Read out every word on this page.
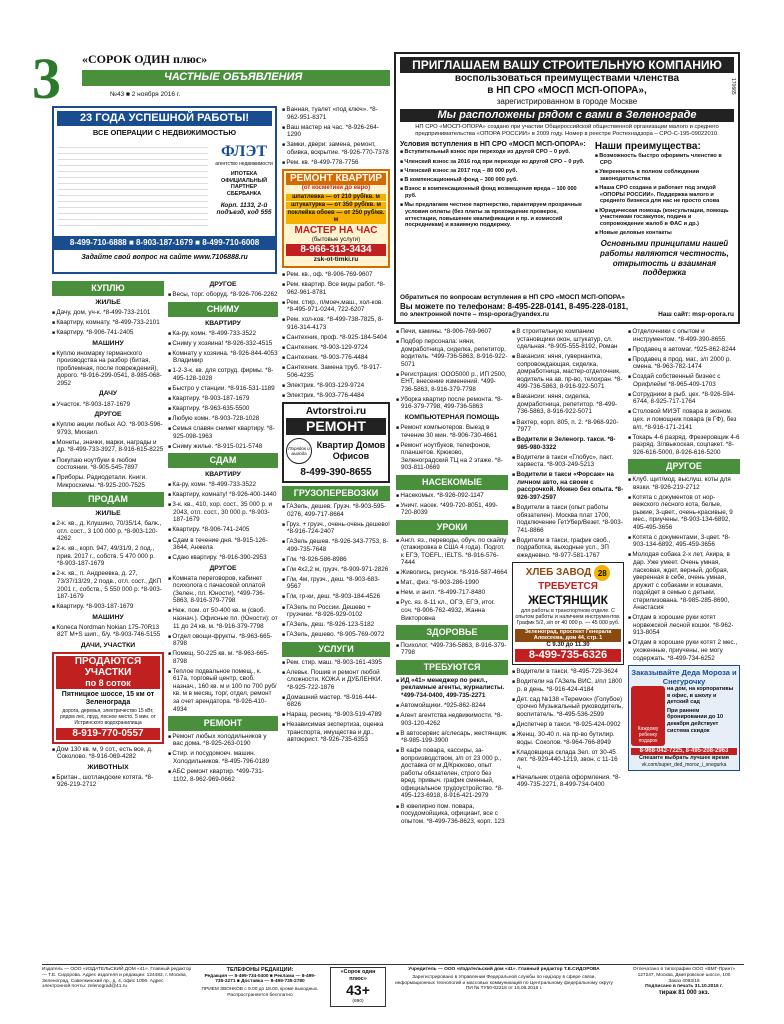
3 «СОРОК ОДИН плюс»
ЧАСТНЫЕ ОБЪЯВЛЕНИЯ
№43 ■ 2 ноября 2016 г.
23 ГОДА УСПЕШНОЙ РАБОТЫ!
ВСЕ ОПЕРАЦИИ С НЕДВИЖИМОСТЬЮ
ФЛЭТ
агентство недвижимости
ИПОТЕКА ОФИЦИАЛЬНЫЙ ПАРТНЕР СБЕРБАНКА
Корп. 1133, 2-й подъезд, код 555
8-499-710-6888 ■ 8-903-187-1679 ■ 8-499-710-6008
Задайте свой вопрос на сайте www.7106888.ru
КУПЛЮ
ЖИЛЬЕ
■ Дачу, дом, уч-к. *8-499-733-2101
■ Квартиру, комнату. *8-499-733-2101
■ Квартиру. *8-906-741-2405
МАШИНУ
■ Куплю иномарку германского производства на разбор (битая, проблемная, после повреждений), дорого. *8-916-299-0541, 8-985-068-2952
ДАЧУ
■ Участок. *8-903-187-1679
ДРУГОЕ
■ Куплю акции любых АО. *8-903-596-9793, Михаил.
■ Монеты, значки, марки, награды и др. *8-499-733-3927, 8-916-615-8225
■ Покупаю ноутбуки в любом состоянии. *8-905-545-7897
■ Приборы. Радиодетали. Книги. Микросхемы. *8-925-200-7525
ПРОДАМ
ЖИЛЬЕ
■ 2-к. кв., д. Клушино, 70/35/14, балк., отл. сост., 3 100 000 р. *8-903-120-4262
■ 2-к. кв., корп. 947, 49/31/9, 2 под., прив. 2017 г., собств. 5 470 000 р. *8-903-187-1679
■ 2-к. кв., п. Андреевка, д. 27, 73/37/13/29, 2 подв., отл. сост., ДКП 2001 г., собств., 5 550 000 р. *8-903-187-1679
■ Квартиру. *8-903-187-1679
МАШИНУ
■ Колеса Nordman Nokian 175-70R13 82T M+S шип., б/у. *8-903-746-5155
ДАЧИ, УЧАСТКИ
ПРОДАЮТСЯ УЧАСТКИ
по 8 соток
Пятницкое шоссе, 15 км от Зеленограда
дорога, деревья, электричество 15 кВт, рядом лес, пруд, лесное место. 5 мин. от Истринского водохранилища
8-919-770-0557
■ Дом 130 кв. м, 9 сот., есть все, д. Соколово. *8-916-069-4282
ЖИВОТНЫХ
■ Британ., шотландские котята. *8-926-219-2712
ДРУГОЕ
■ Весы, торг. оборуд. *8-926-706-2262
СНИМУ
КВАРТИРУ
■ Ка-ру, комн. *8-499-733-3522
■ Сниму у хозяина! *8-926-332-4515
■ Комнату у хозяина. *8-926-844-4053 Владимир
■ 1-2-3-к. кв. для сотруд. фирмы. *8-495-128-1028
■ Быстро у станции. *8-916-531-1189
■ Квартиру. *8-903-187-1679
■ Квартиру. *8-963-635-5500
■ Любую комн. *8-903-728-1028
■ Семья славян снимет квартиру. *8-925-098-1963
■ Сниму жилье. *8-915-021-5748
СДАМ
КВАРТИРУ
■ Ка-ру, комн. *8-499-733-3522
■ Квартиру, комнату! *8-926-400-1440
■ 3-к. кв., 410, хор. сост., 35 000 р. и 2043, отл. сост., 30 000 р. *8-903-187-1679
■ Квартиру. *8-906-741-2405
■ Сдам в течение дня. *8-915-126-3644, Анжела
■ Сдаю квартиру. *8-916-390-2953
ДРУГОЕ
■ Комната переговоров, кабинет психолога с пачасовой оплатой (Зелен., пл. Юности). *499-736-5863, 8-916-379-7798
■ Неж. пом. от 50-400 кв. м (своб. назнач.). Офисные пл. (Юности): от 11 до 24 кв. м. *8-916-379-7798
■ Отдел овощи-фрукты. *8-963-665-8798
■ Помещ. 50-225 кв. м. *8-963-665-8798
■ Теплое подвальное помещ., к. 617а, торговый центр, своб. назнач., 160 кв. м и 100 по 700 руб/кв. м в месяц, торг, отдел, ремонт за счет арендатора. *8-926-410-4934
РЕМОНТ
■ Ремонт любых холодильников у вас дома. *8-925-263-0190
■ Стир. и посудомоеч. машин. Холодильников. *8-495-796-0189
■ АБС ремонт квартир. *499-731-1102, 8-962-969-0662
■ Ванная, туалет «под ключ». *8-962-951-8371
■ Ваш мастер на час. *8-926-264-1290
■ Замки, двери: замена, ремонт, обивка, вскрытие. *8-926-770-7378
■ Рем. кв. *8-499-778-7756
РЕМОНТ КВАРТИР
(от косметики до евро)
шпатлевка — от 210 руб/кв. м
штукатурка — от 350 руб/кв. м
поклейка обоев — от 250 руб/кв. м
МАСТЕР НА ЧАС
(бытовые услуги)
8-966-313-3434
zsk-ot-timki.ru
■ Рем. кв., оф. *8-906-769-9607
■ Рем. квартир. Все виды работ. *8-962-961-8781
■ Рем. стир., п/моеч.маш., хол-ков. *8-495-971-0244, 722-6207
■ Рем. хол-ков. *8-499-738-7825, 8-916-314-4173
■ Сантехник, проф. *8-925-184-5404
■ Сантехник. *8-903-129-9724
■ Сантехник. *8-903-776-4484
■ Сантехник. Замена труб. *8-917-506-4235
■ Электрик. *8-903-129-9724
■ Электрик. *8-903-776-4484
Avtorstroi.ru
РЕМОНТ
Порядок и выгода
Квартир Домов Офисов
8-499-390-8655
ГРУЗОПЕРЕВОЗКИ
■ ГАЗель, дешев. Грузч. *8-903-595-0276, 499-717-8664
■ Груз. + грузч., очень-очень дешево! *8-916-724-2407
■ ГАЗель дешев. *8-926-343-7753, 8-499-735-7648
■ Г/м. *8-926-586-8986
■ Г/м 4х2,2 м, грузч. *8-909-971-2826
■ Г/м, 4м, грузч., деш. *8-903-683-9567
■ Г/м, гр-ки, деш. *8-903-184-4526
■ ГАЗель по России. Дешево + грузчики. *8-926-929-0102
■ ГАЗель, деш. *8-926-123-5182
■ ГАЗель, дешево. *8-905-769-0972
УСЛУГИ
■ Рем. стир. маш. *8-903-161-4395
■ Алевьк. Пошив и ремонт любой сложности. КОЖА и ДУБЛЕНКИ. *8-925-722-1876
■ Домашний мастер. *8-916-444-6826
■ Наращ. ресниц. *8-903-519-4789
■ Независимая экспертиза, оценка транспорта, имущества и др., автоюрист. *8-926-735-6353
ПРИГЛАШАЕМ ВАШУ СТРОИТЕЛЬНУЮ КОМПАНИЮ
воспользоваться преимуществами членства
в НП СРО «МОСП МСП-ОПОРА»,
зарегистрированном в городе Москве
Мы расположены рядом с вами в Зеленограде
НП СРО «МОСП-ОПОРА» создано при участии Общероссийской общественной организации малого и среднего предпринимательства «ОПОРА РОССИИ» в 2009 году. Номер в реестре Ростехнадзора – СРО-С-195-09022010.
Условия вступления в НП СРО «МОСП МСП-ОПОРА»:
■ Вступительный взнос при переходе из другой СРО – 0 руб.
■ Членский взнос за 2016 год при переходе из другой СРО – 0 руб.
■ Членский взнос за 2017 год – 80 000 руб.
■ В компенсационный фонд – 300 000 руб.
■ Взнос в компенсационный фонд возмещения вреда – 100 000 руб.
■ Мы предлагаем честное партнерство, гарантируем прозрачные условия оплаты (без платы за прохождение проверок, аттестации, повышение квалификации и пр. и комиссий посредникам) и взаимную поддержку.
Наши преимущества:
■ Возможность быстро оформить членство в СРО
■ Уверенность в полном соблюдении законодательства
■ Наша СРО создана и работает под эгидой «ОПОРЫ РОССИИ». Поддержка малого и среднего бизнеса для нас не просто слова
■ Юридическая помощь (консультации, помощь участникам госзакупок, подача и сопровождение жалоб в ФАС и др.)
■ Новые деловые контакты
Основными принципами нашей работы являются честность, открытость и взаимная поддержка
Обратиться по вопросам вступления в НП СРО «МОСП МСП-ОПОРА»
Вы можете по телефонам: 8-495-228-0141, 8-495-228-0181,
по электронной почте – msp-opora@yandex.ru	Наш сайт: msp-opora.ru
170665
■ Печи, камины. *8-906-769-9607
■ Подбор персонала: няни, домработница, сиделка, репетитор, водитель. *499-736-5863, 8-916-922-5071
■ Регистрация: ООО5000 р., ИП 2500, ЕНТ, внесение изменений. *499-736-5863, 8-916-379-7798
■ Уборка квартир после ремонта. *8-916-379-7798, 499-736-5863
КОМПЬЮТЕРНАЯ ПОМОЩЬ
■ Ремонт компьютеров. Выезд в течение 30 мин. *8-906-730-4661
■ Ремонт ноутбуков, телефонов, планшетов. Крюково, Зеленоградский ТЦ на 2 этаже. *8-903-811-0669
НАСЕКОМЫЕ
■ Насекомых. *8-926-092-1147
■ Уничт. насек. *499-720-8051, 499-720-8039
УРОКИ
■ Англ. яз., переводы, обуч. по скайпу (стажировка в США 4 года). Подгот. к ЕГЭ, TOEFL, IELTS. *8-916-576-7444
■ Живопись, рисунок. *8-916-587-4664
■ Мат., физ. *8-903-286-1990
■ Нем. и англ. *8-499-717-8480
■ Рус. яз. 8-11 кл., ОГЭ, ЕГЭ, итог. соч. *8-906-762-4932, Жанна Викторовна
ЗДОРОВЬЕ
■ Психолог. *499-736-5863, 8-916-379-7798
ТРЕБУЮТСЯ
■ ИД «41» менеджер по рекл., рекламные агенты, журналисты. *499-734-0400, 499-735-2271
■ Автомойщики. *925-862-8244
■ Агент агентства недвижимости. *8-903-120-4262
■ В автосервис а/слесарь, жестянщик. *8-985-199-3900
■ В кафе повара, кассиры, за-вопроизводством, з/п от 23 000 р., доставка от м.Д/Крюково, опыт работы обязателен, строго без вред. привыч. график сменный, официальное трудоустройство. *8-495-123-6918, 8-916-421-2979
■ В ювелирно пом. повара, посудомойщика, официант, все с опытом. *8-499-736-8623, корп. 123
■ В строительную компанию установщики окон, штукатур, сл. сдельная. *8-905-555-8192, Роман
■ Вакансия: няня, гувернантка, сопровождающая, сиделка, домработница, мастер-отделочник, водитель на ав. пр-во, телохран. *8-499-736-5863, 8-916-922-5071
■ Вакансии: няня, сиделка, домработница, репетитор. *8-499-736-5863, 8-916-922-5071
■ Вахтер, корп. 805, п. 2. *8-968-920-7977
■ Водители в Зеленогр. такси. *8-985-980-3322
■ Водители в такси «Глобус», пакт. харвеста. *8-903-249-5213
■ Водители в такси «Форсаж» на личном авто, на своем с рассрочкой. Можно без опыта. *8-926-397-2597
■ Водители в такси (опыт работы обязателен). Москва плат 1700, подключение ГетУбер/Везет. *8-903-741-8866
■ Водители в такси, график своб., подработка, выходные усл., ЗП ежедневно. *8-977-581-1767
ХЛЕБ ЗАВОД 28
ТРЕБУЕТСЯ
ЖЕСТЯНЩИК
для работы в транспортном отделе. С опытом работы и наличием инструментов. График 5/2, з/п от 40 000 р. — 45 000 руб.
Зеленоград, проспект Генерала Алексеева, дом 44, стр. 1
С 9.30 до 11.30
8-499-735-6326
■ Водители в такси. *8-495-729-3624
■ Водители на ГАЗель ВИС, з/пл 1800 р. в день. *8-916-424-4184
■ Дет. сад №138 «Теремок» (Голубое) срочно Музыкальный руководитель, воспитатель. *8-495-536-2599
■ Диспетчер в такси. *8-925-424-0902
■ Женщ. 30-40 л. на пр-во бутилир. воды. Соколов. *8-964-766-8949
■ Кладовщица склада Зел. от 30-45 лет. *8-929-440-1219, звон. с 11-16 ч.
■ Начальник отдела оформления. *8-499-735-2271, 8-499-734-0400
■ Отделочники с опытом и инструментом. *8-499-390-8655
■ Продавец в автомаг. *925-862-8244
■ Продавец в прод. маг., з/п 2000 р. смена. *8-963-782-1474
■ Создай собственный бизнес с Орифлейм! *8-965-409-1703
■ Сотрудники в рыб. цех. *8-926-594-6744, 8-925-717-1764
■ Столовой МИЭТ повара в эконом. цех. и помощник повара (в ГФ), без в/п. *8-916-171-2141
■ Токарь 4-6 разряд. Фрезеровщик 4-6 разряд. З/лвыкоская, соцпакет. *8-926-616-5000, 8-926-616-5200
ДРУГОЕ
■ Клуб. щит/мод. выслуш. коты для вязки. *8-926-219-2712
■ Котята с документов от нор-вежского лесного кота, белые, рыжие, 3-цвет., очень-красивые, 9 мес., приучены. *8-903-134-6892, 495-495-3656
■ Котята с документами, 3-цвет. *8-903-134-6892, 495-459-3656
■ Молодая собака 2-х лет, Акира, в дар. Уже умеет. Очень умная, ласковая, ждет, верный, добрая, уверенная в себе, очень умная, дружит с собаками и кошками, подойдет в семью с детьми, стерилизована. *8-985-285-8690, Анастасия
■ Отдам в хорошие руки котят норвежской лесной кошки. *8-962-913-8054
■ Отдам в хорошие руки котят 2 мес., ухоженные, приучены, не могу содержать. *8-499-734-6252
Заказывайте Деда Мороза и Снегурочку
Каждому ребенку подарок
на дом, на корпоративы в офис, в школу и детский сад
При раннем бронировании до 10 декабря действует система скидок
8-968-042-7225, 8-495-208-2963
Спешите выбрать лучшее время
vk.com/super_ded_moroz_i_snegurka
Издатель — ООО «ИЗДАТЕЛЬСКИЙ ДОМ «41». Главный редактор — Т.Е. Сидорова. Адрес издателя и редакции: 124482, г. Москва, Зеленоград, Савелкинский пр., д. 4, офис 1006. Адрес электронной почты: zelenograd@41.ru
ТЕЛЕФОНЫ РЕДАКЦИИ:
Редакция — 8-499-734-0400 ■ Реклама — 8-499-735-2271 ■ Доставка — 8-499-735-2780
ПРИЕМ ЗВОНКОВ с 9.00 до 18.00, кроме выходных. Распространяется бесплатно
«Сорок один плюс»
43+
(690)
Учредитель — ООО «Издательский дом «41». Главный редактор Т.Е.СИДОРОВА
Зарегистрировано в Управлении Федеральной службы по надзору в сфере связи, информационных технологий и массовых коммуникаций по Центральному федеральному округу ПИ № ТУ50-02218 от 16.06.2016 г.
Отпечатано в типографии ООО «ВМГ-Принт» 127247, Москва, Дмитровское шоссе, 100
Заказ 4093/16
Подписано в печать 31.10.2016 г.
тираж 81 000 экз.
